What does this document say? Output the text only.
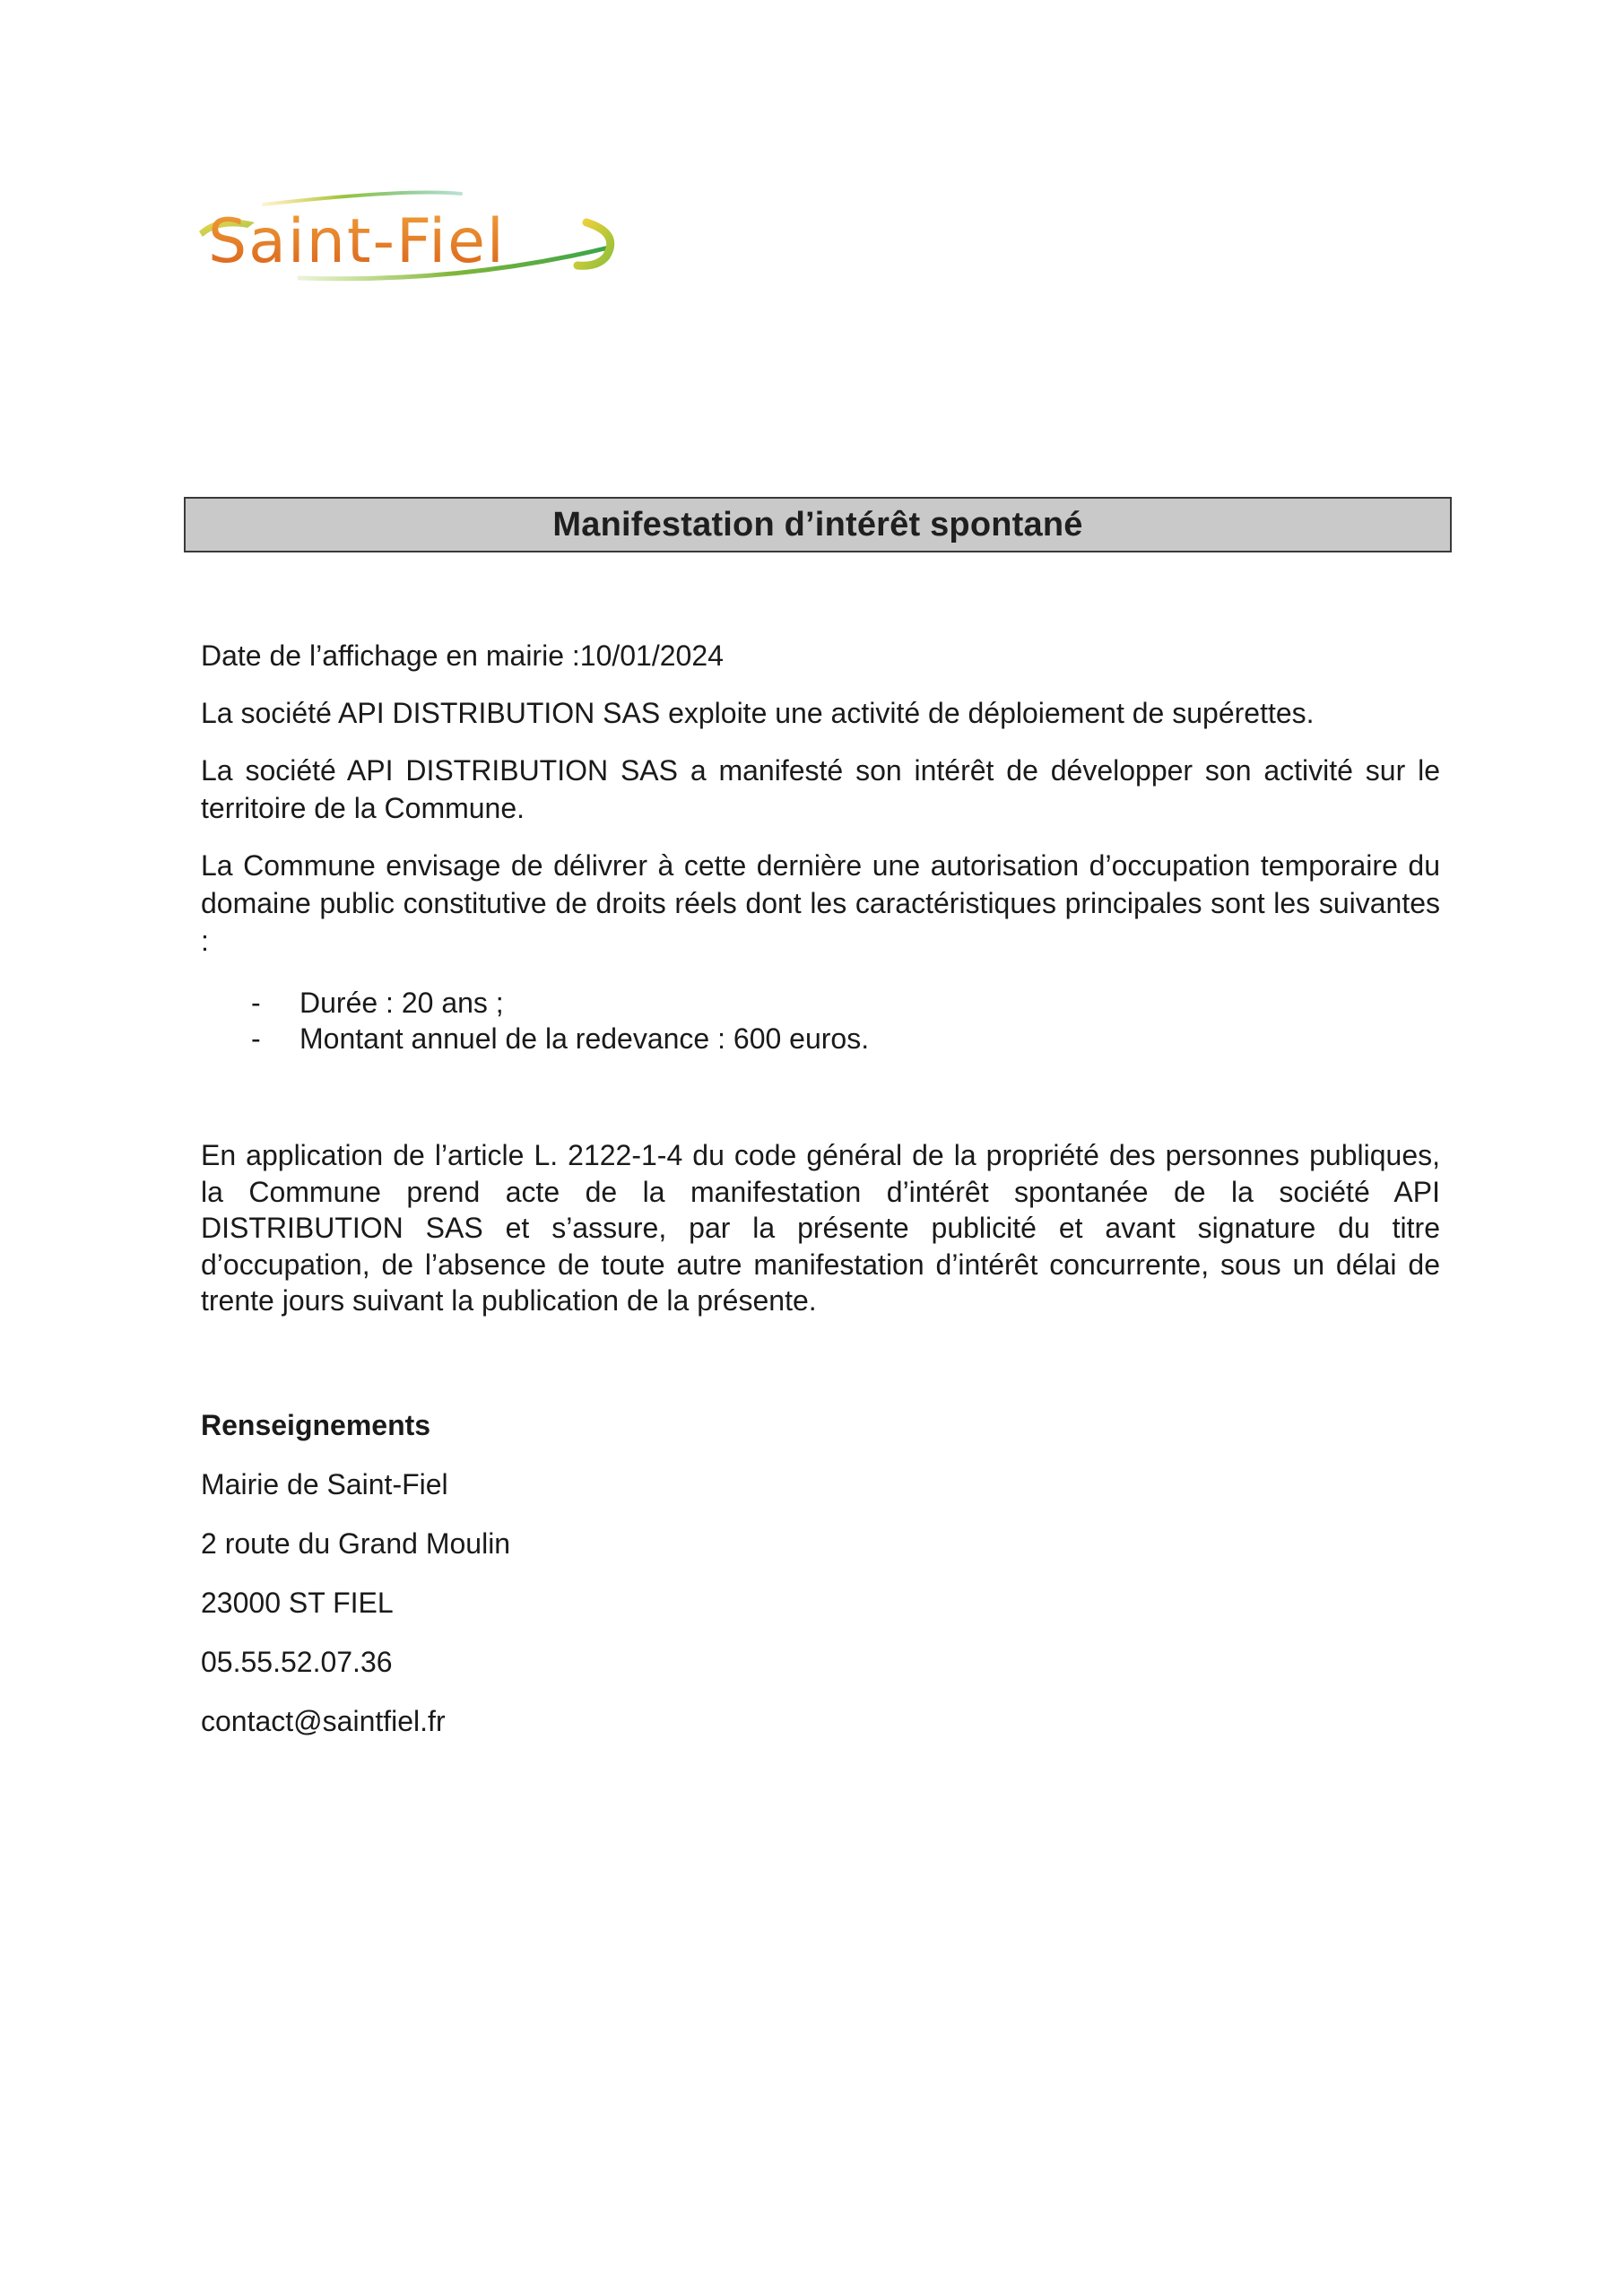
Saint-Fiel
Manifestation d’intérêt spontané

Date de l’affichage en mairie :10/01/2024

La société API DISTRIBUTION SAS exploite une activité de déploiement de supérettes.

La société API DISTRIBUTION SAS a manifesté son intérêt de développer son activité sur le territoire de la Commune.

La Commune envisage de délivrer à cette dernière une autorisation d’occupation temporaire du domaine public constitutive de droits réels dont les caractéristiques principales sont les suivantes :

- Durée : 20 ans ;
- Montant annuel de la redevance : 600 euros.

En application de l’article L. 2122-1-4 du code général de la propriété des personnes publiques, la Commune prend acte de la manifestation d’intérêt spontanée de la société API DISTRIBUTION SAS et s’assure, par la présente publicité et avant signature du titre d’occupation, de l’absence de toute autre manifestation d’intérêt concurrente, sous un délai de trente jours suivant la publication de la présente.

Renseignements

Mairie de Saint-Fiel

2 route du Grand Moulin

23000 ST FIEL

05.55.52.07.36

contact@saintfiel.fr
